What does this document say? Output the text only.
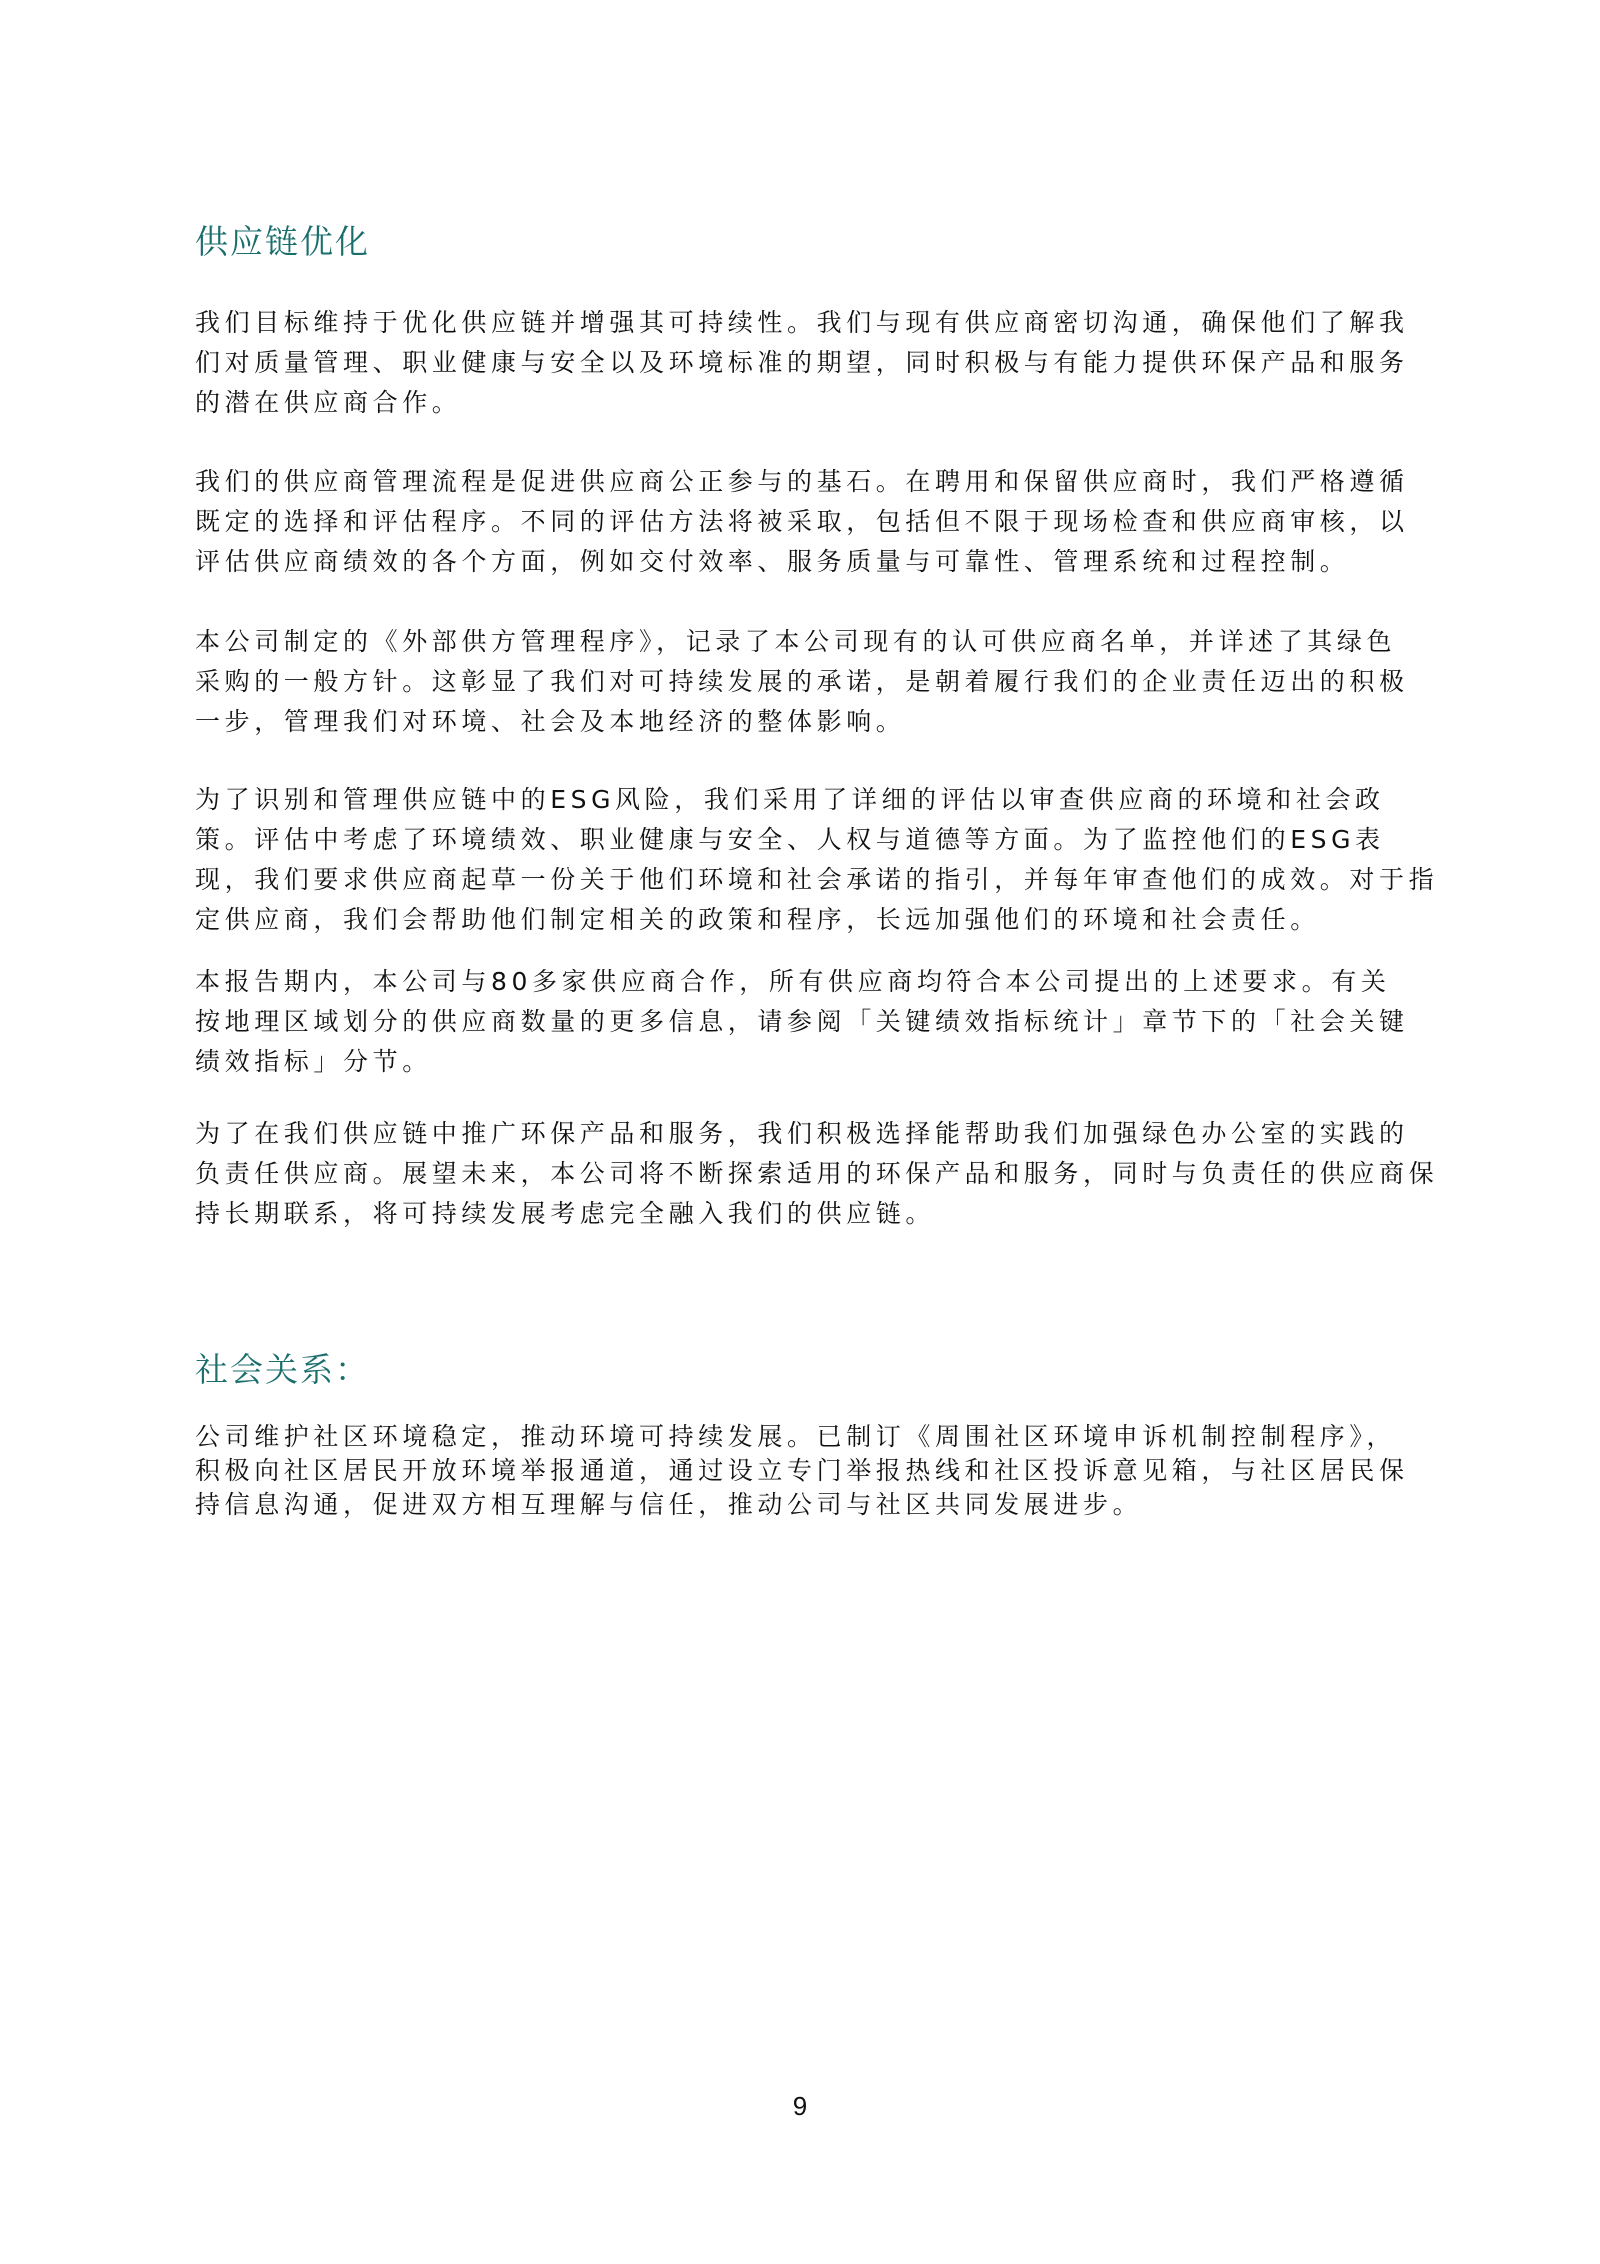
供应链优化

我们目标维持于优化供应链并增强其可持续性。我们与现有供应商密切沟通，确保他们了解我
们对质量管理、职业健康与安全以及环境标准的期望，同时积极与有能力提供环保产品和服务
的潜在供应商合作。

我们的供应商管理流程是促进供应商公正参与的基石。在聘用和保留供应商时，我们严格遵循
既定的选择和评估程序。不同的评估方法将被采取，包括但不限于现场检查和供应商审核，以
评估供应商绩效的各个方面，例如交付效率、服务质量与可靠性、管理系统和过程控制。

本公司制定的《外部供方管理程序》，记录了本公司现有的认可供应商名单，并详述了其绿色
采购的一般方针。这彰显了我们对可持续发展的承诺，是朝着履行我们的企业责任迈出的积极
一步，管理我们对环境、社会及本地经济的整体影响。

为了识别和管理供应链中的ESG风险，我们采用了详细的评估以审查供应商的环境和社会政
策。评估中考虑了环境绩效、职业健康与安全、人权与道德等方面。为了监控他们的ESG表
现，我们要求供应商起草一份关于他们环境和社会承诺的指引，并每年审查他们的成效。对于指
定供应商，我们会帮助他们制定相关的政策和程序，长远加强他们的环境和社会责任。

本报告期内，本公司与80多家供应商合作，所有供应商均符合本公司提出的上述要求。有关
按地理区域划分的供应商数量的更多信息，请参阅「关键绩效指标统计」章节下的「社会关键
绩效指标」分节。

为了在我们供应链中推广环保产品和服务，我们积极选择能帮助我们加强绿色办公室的实践的
负责任供应商。展望未来，本公司将不断探索适用的环保产品和服务，同时与负责任的供应商保
持长期联系，将可持续发展考虑完全融入我们的供应链。

社会关系：

公司维护社区环境稳定，推动环境可持续发展。已制订《周围社区环境申诉机制控制程序》，
积极向社区居民开放环境举报通道，通过设立专门举报热线和社区投诉意见箱，与社区居民保
持信息沟通，促进双方相互理解与信任，推动公司与社区共同发展进步。

9
